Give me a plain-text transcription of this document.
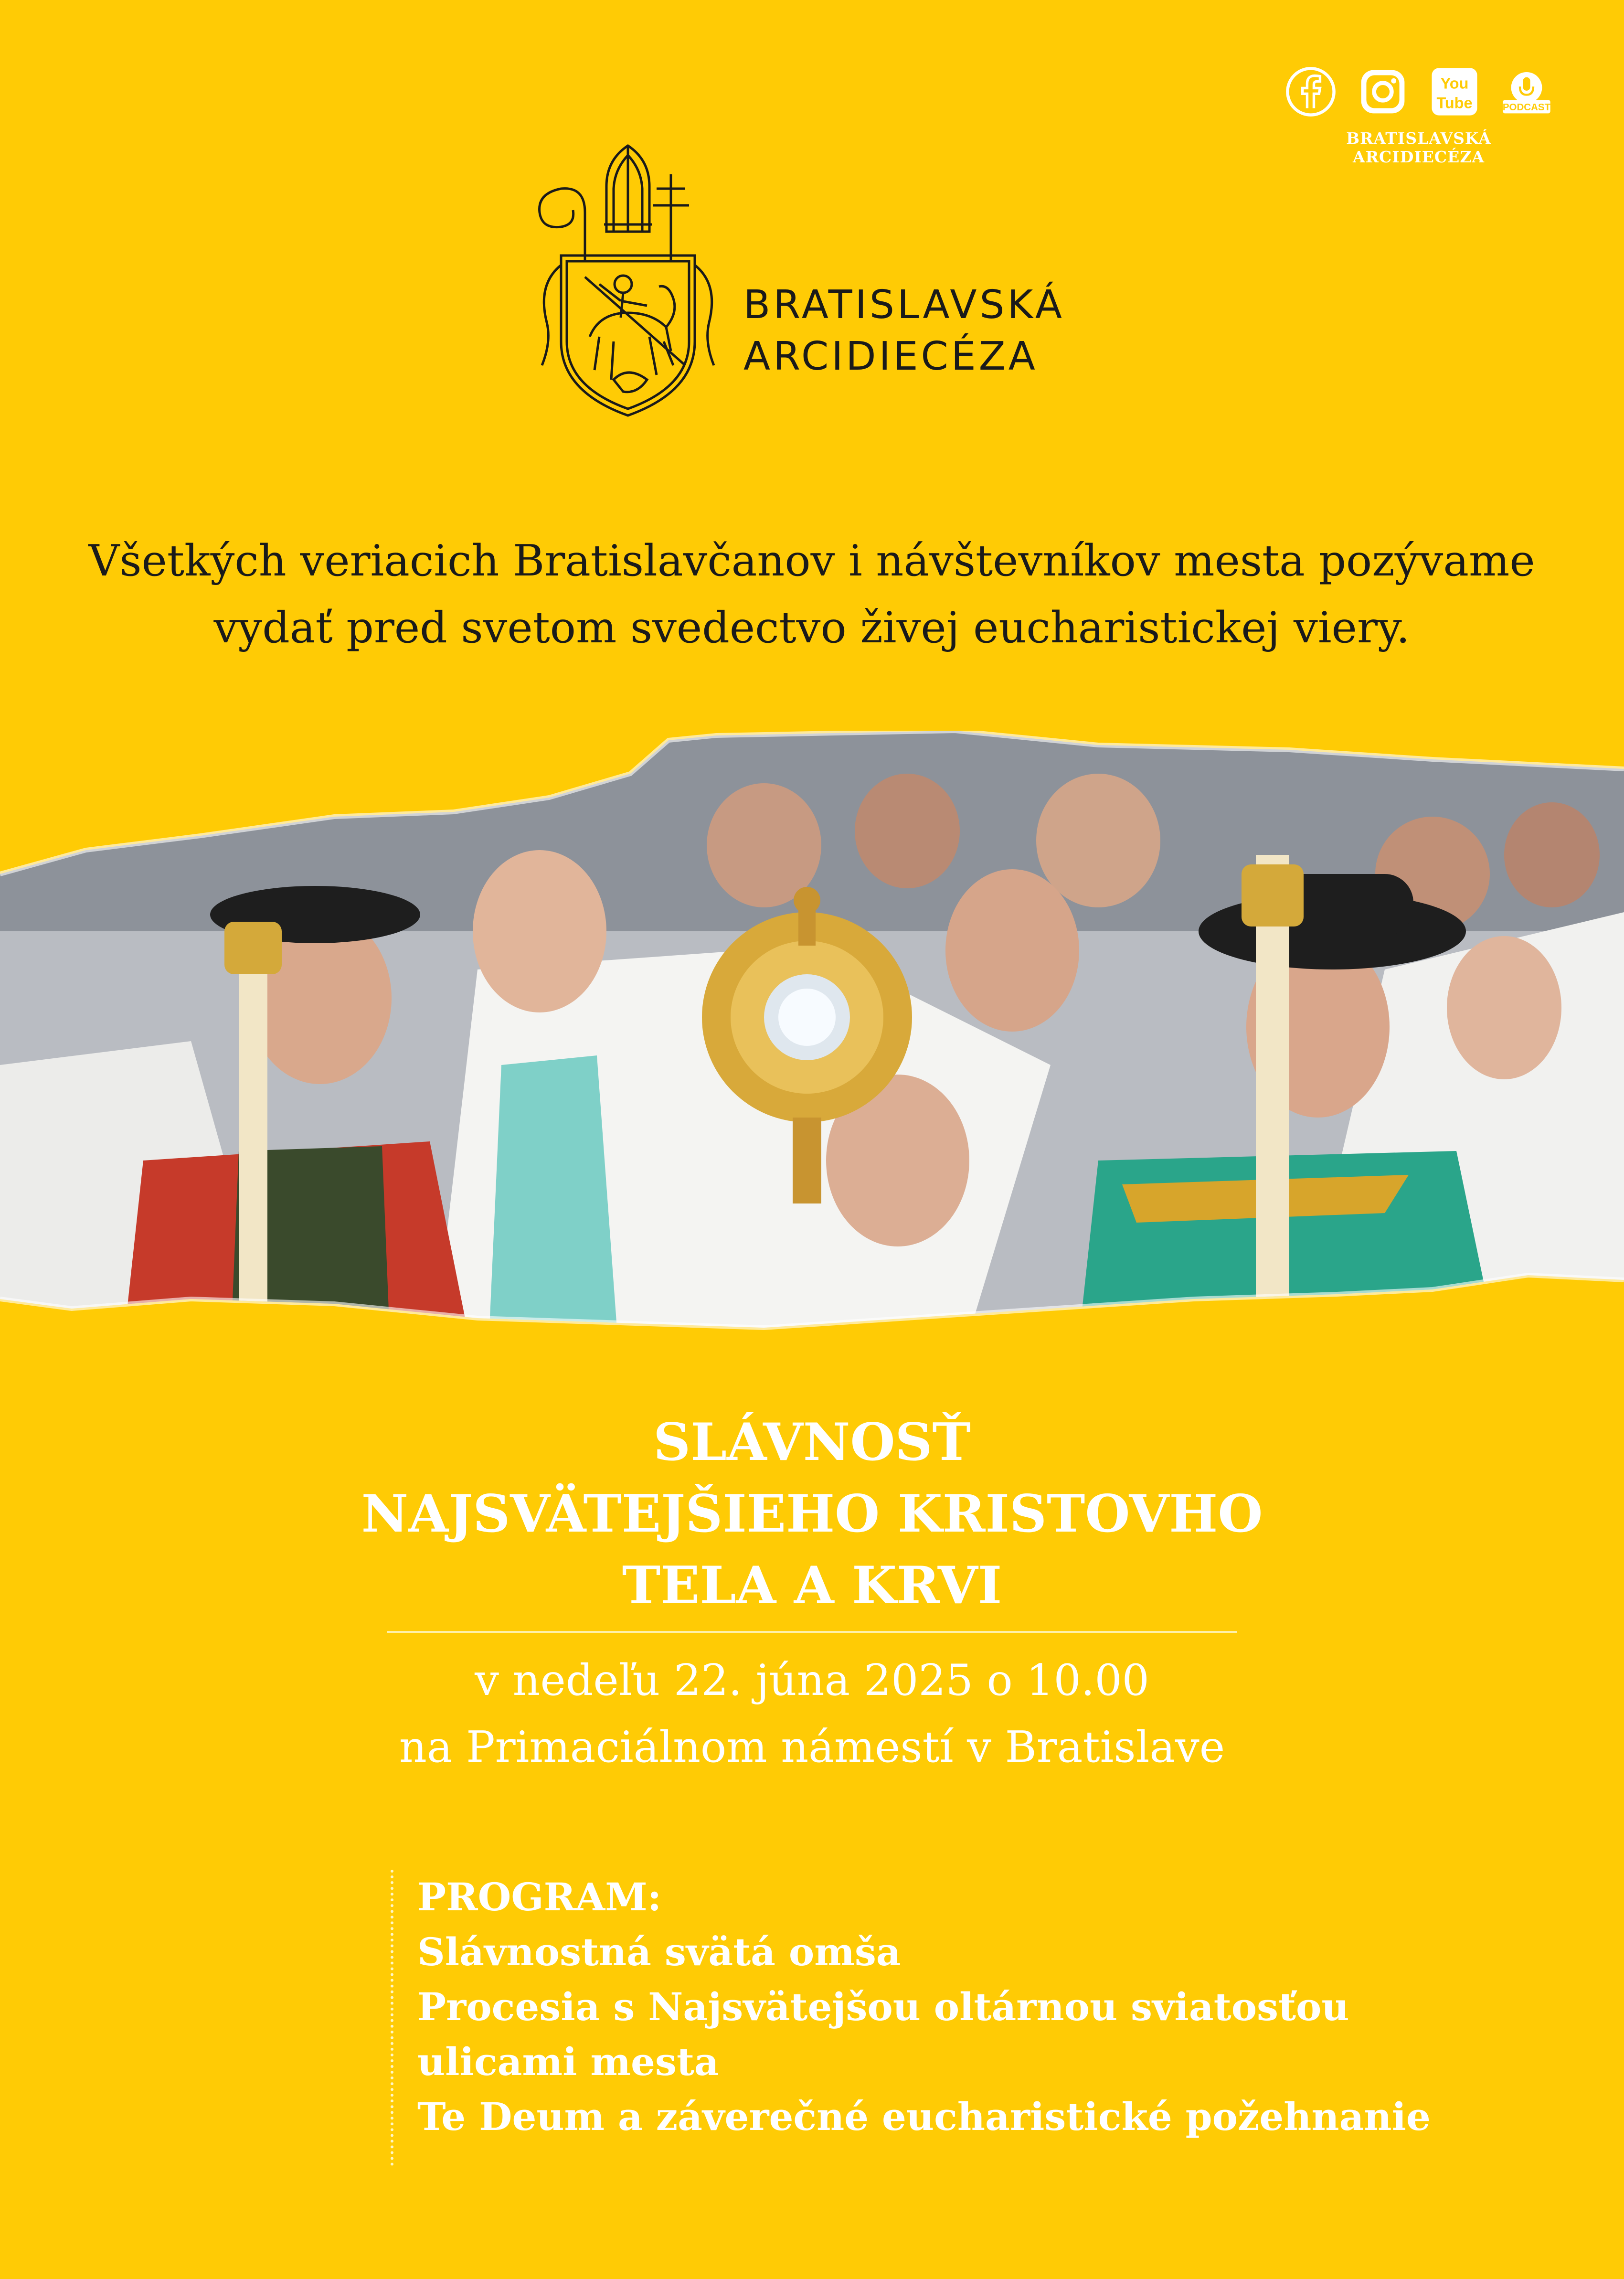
You
Tube	PODCAST
BRATISLAVSKÁ ARCIDIECÉZA
BRATISLAVSKÁ
ARCIDIECÉZA
Všetkých veriacich Bratislavčanov i návštevníkov mesta pozývame
vydať pred svetom svedectvo živej eucharistickej viery.
SLÁVNOSŤ
NAJSVÄTEJŠIEHO KRISTOVHO
TELA A KRVI
v nedeľu 22. júna 2025 o 10.00
na Primaciálnom námestí v Bratislave
PROGRAM:
Slávnostná svätá omša
Procesia s Najsvätejšou oltárnou sviatosťou
ulicami mesta
Te Deum a záverečné eucharistické požehnanie
